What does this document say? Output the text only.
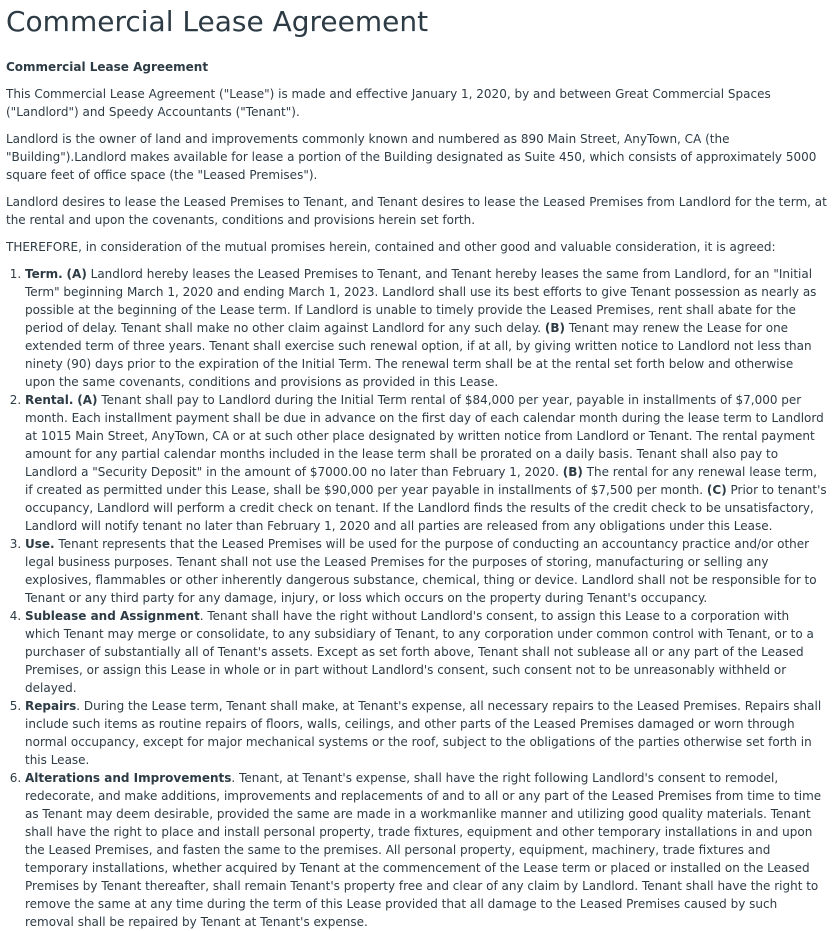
Commercial Lease Agreement
Commercial Lease Agreement

This Commercial Lease Agreement ("Lease") is made and effective January 1, 2020, by and between Great Commercial Spaces ("Landlord") and Speedy Accountants ("Tenant").

Landlord is the owner of land and improvements commonly known and numbered as 890 Main Street, AnyTown, CA (the "Building").Landlord makes available for lease a portion of the Building designated as Suite 450, which consists of approximately 5000 square feet of office space (the "Leased Premises").

Landlord desires to lease the Leased Premises to Tenant, and Tenant desires to lease the Leased Premises from Landlord for the term, at the rental and upon the covenants, conditions and provisions herein set forth.

THEREFORE, in consideration of the mutual promises herein, contained and other good and valuable consideration, it is agreed:

1. Term. (A) Landlord hereby leases the Leased Premises to Tenant, and Tenant hereby leases the same from Landlord, for an "Initial Term" beginning March 1, 2020 and ending March 1, 2023. Landlord shall use its best efforts to give Tenant possession as nearly as possible at the beginning of the Lease term. If Landlord is unable to timely provide the Leased Premises, rent shall abate for the period of delay. Tenant shall make no other claim against Landlord for any such delay. (B) Tenant may renew the Lease for one extended term of three years. Tenant shall exercise such renewal option, if at all, by giving written notice to Landlord not less than ninety (90) days prior to the expiration of the Initial Term. The renewal term shall be at the rental set forth below and otherwise upon the same covenants, conditions and provisions as provided in this Lease.
2. Rental. (A) Tenant shall pay to Landlord during the Initial Term rental of $84,000 per year, payable in installments of $7,000 per month. Each installment payment shall be due in advance on the first day of each calendar month during the lease term to Landlord at 1015 Main Street, AnyTown, CA or at such other place designated by written notice from Landlord or Tenant. The rental payment amount for any partial calendar months included in the lease term shall be prorated on a daily basis. Tenant shall also pay to Landlord a "Security Deposit" in the amount of $7000.00 no later than February 1, 2020. (B) The rental for any renewal lease term, if created as permitted under this Lease, shall be $90,000 per year payable in installments of $7,500 per month. (C) Prior to tenant's occupancy, Landlord will perform a credit check on tenant. If the Landlord finds the results of the credit check to be unsatisfactory, Landlord will notify tenant no later than February 1, 2020 and all parties are released from any obligations under this Lease.
3. Use. Tenant represents that the Leased Premises will be used for the purpose of conducting an accountancy practice and/or other legal business purposes. Tenant shall not use the Leased Premises for the purposes of storing, manufacturing or selling any explosives, flammables or other inherently dangerous substance, chemical, thing or device. Landlord shall not be responsible for to Tenant or any third party for any damage, injury, or loss which occurs on the property during Tenant's occupancy.
4. Sublease and Assignment. Tenant shall have the right without Landlord's consent, to assign this Lease to a corporation with which Tenant may merge or consolidate, to any subsidiary of Tenant, to any corporation under common control with Tenant, or to a purchaser of substantially all of Tenant's assets. Except as set forth above, Tenant shall not sublease all or any part of the Leased Premises, or assign this Lease in whole or in part without Landlord's consent, such consent not to be unreasonably withheld or delayed.
5. Repairs. During the Lease term, Tenant shall make, at Tenant's expense, all necessary repairs to the Leased Premises. Repairs shall include such items as routine repairs of floors, walls, ceilings, and other parts of the Leased Premises damaged or worn through normal occupancy, except for major mechanical systems or the roof, subject to the obligations of the parties otherwise set forth in this Lease.
6. Alterations and Improvements. Tenant, at Tenant's expense, shall have the right following Landlord's consent to remodel, redecorate, and make additions, improvements and replacements of and to all or any part of the Leased Premises from time to time as Tenant may deem desirable, provided the same are made in a workmanlike manner and utilizing good quality materials. Tenant shall have the right to place and install personal property, trade fixtures, equipment and other temporary installations in and upon the Leased Premises, and fasten the same to the premises. All personal property, equipment, machinery, trade fixtures and temporary installations, whether acquired by Tenant at the commencement of the Lease term or placed or installed on the Leased Premises by Tenant thereafter, shall remain Tenant's property free and clear of any claim by Landlord. Tenant shall have the right to remove the same at any time during the term of this Lease provided that all damage to the Leased Premises caused by such removal shall be repaired by Tenant at Tenant's expense.
